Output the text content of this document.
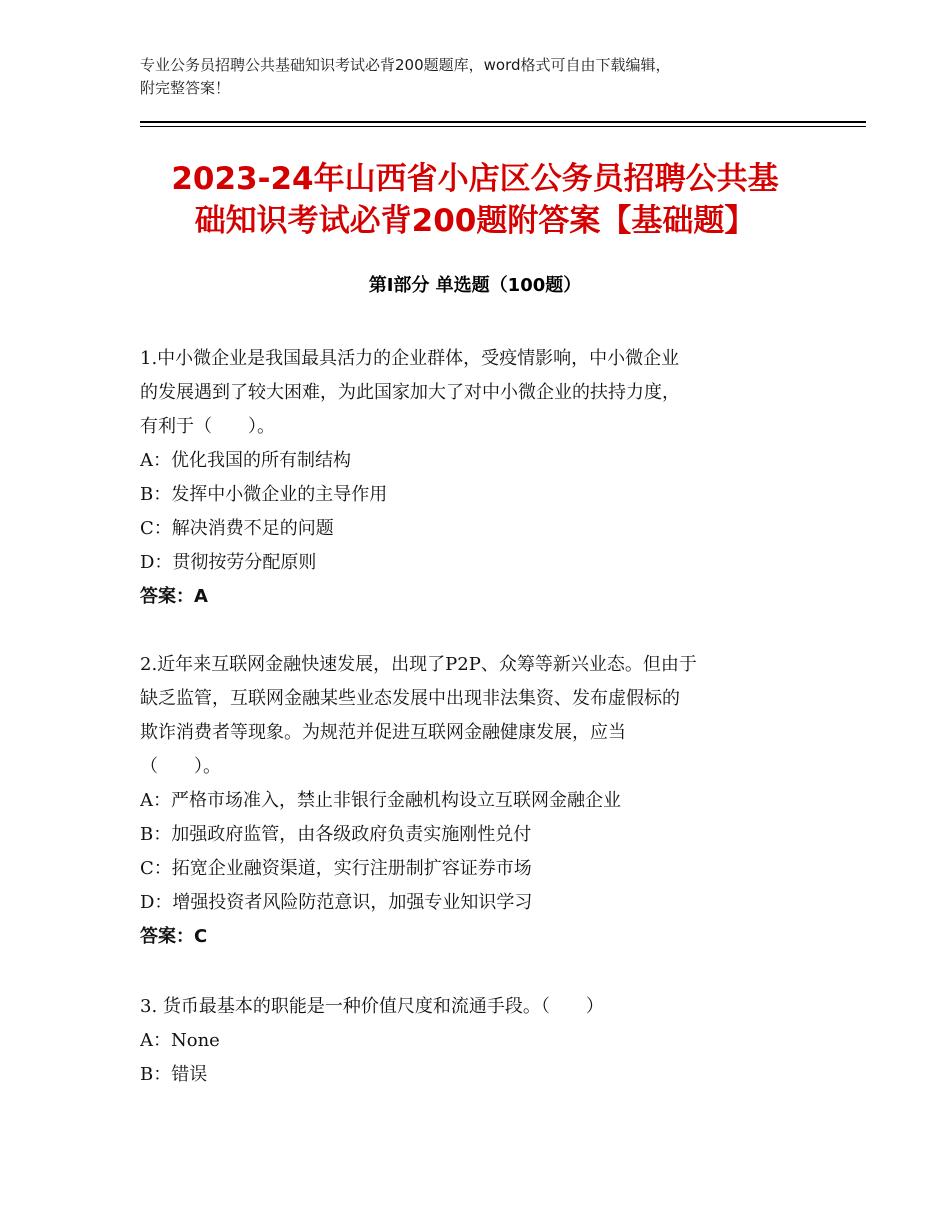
专业公务员招聘公共基础知识考试必背200题题库，word格式可自由下载编辑，
附完整答案！
2023-24年山西省小店区公务员招聘公共基
础知识考试必背200题附答案【基础题】
第Ⅰ部分 单选题（100题）
1.中小微企业是我国最具活力的企业群体，受疫情影响，中小微企业
的发展遇到了较大困难，为此国家加大了对中小微企业的扶持力度，
有利于（　　）。
A：优化我国的所有制结构
B：发挥中小微企业的主导作用
C：解决消费不足的问题
D：贯彻按劳分配原则
答案：A
2.近年来互联网金融快速发展，出现了P2P、众筹等新兴业态。但由于
缺乏监管，互联网金融某些业态发展中出现非法集资、发布虚假标的
欺诈消费者等现象。为规范并促进互联网金融健康发展，应当
（　　）。
A：严格市场准入，禁止非银行金融机构设立互联网金融企业
B：加强政府监管，由各级政府负责实施刚性兑付
C：拓宽企业融资渠道，实行注册制扩容证券市场
D：增强投资者风险防范意识，加强专业知识学习
答案：C
3. 货币最基本的职能是一种价值尺度和流通手段。（　　）
A：None
B：错误
